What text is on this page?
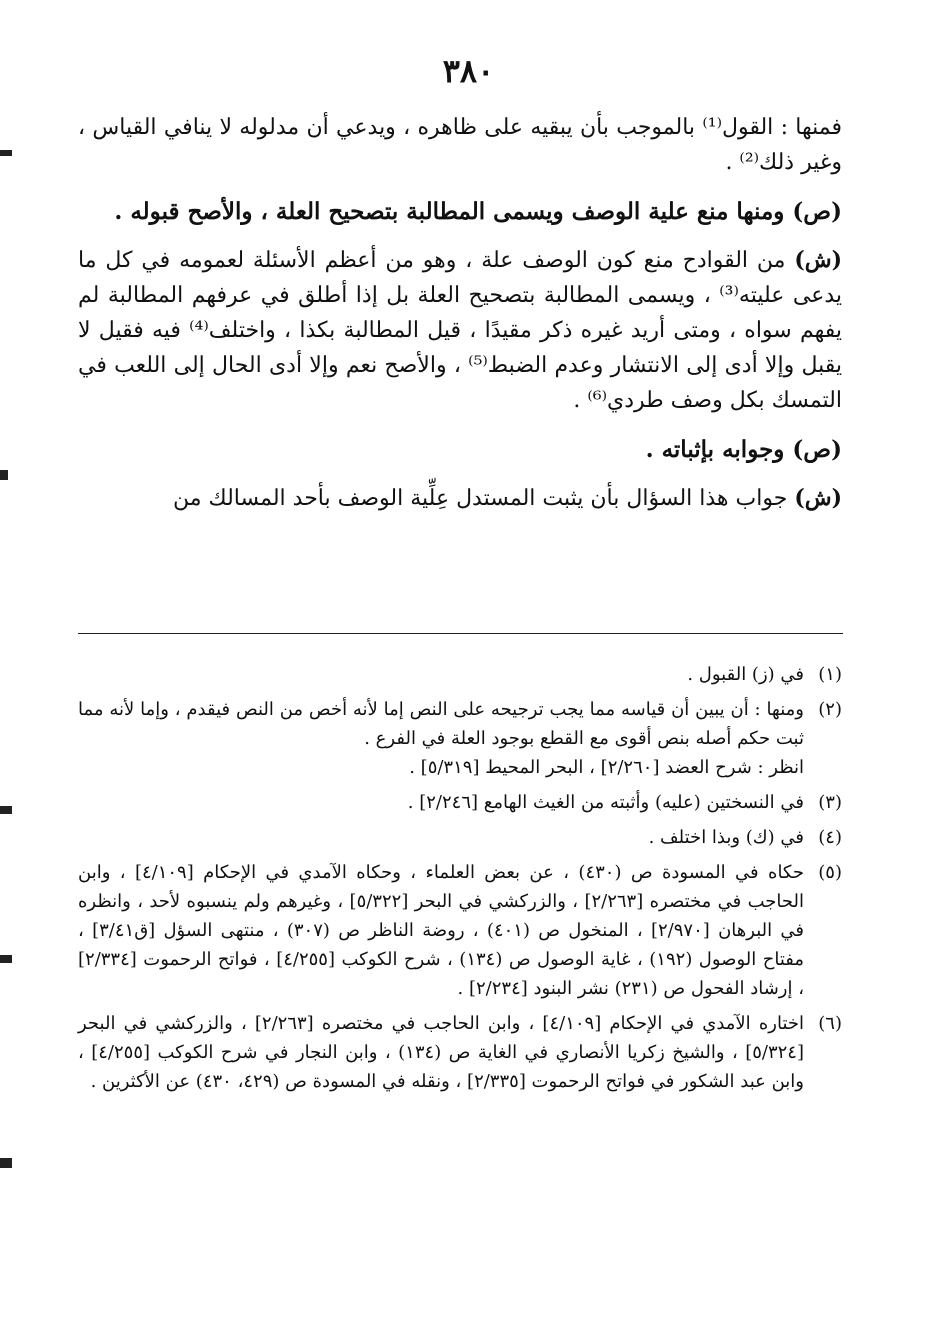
٣٨٠

فمنها : القول⁽¹⁾ بالموجب بأن يبقيه على ظاهره ، ويدعي أن مدلوله لا ينافي القياس ، وغير ذلك⁽²⁾ .

(ص) ومنها منع علية الوصف ويسمى المطالبة بتصحيح العلة ، والأصح قبوله .

(ش) من القوادح منع كون الوصف علة ، وهو من أعظم الأسئلة لعمومه في كل ما يدعى عليته⁽³⁾ ، ويسمى المطالبة بتصحيح العلة بل إذا أطلق في عرفهم المطالبة لم يفهم سواه ، ومتى أريد غيره ذكر مقيدًا ، قيل المطالبة بكذا ، واختلف⁽⁴⁾ فيه فقيل لا يقبل وإلا أدى إلى الانتشار وعدم الضبط⁽⁵⁾ ، والأصح نعم وإلا أدى الحال إلى اللعب في التمسك بكل وصف طردي⁽⁶⁾ .

(ص) وجوابه بإثباته .

(ش) جواب هذا السؤال بأن يثبت المستدل عِلِّية الوصف بأحد المسالك من

(١)
في (ز) القبول .
(٢)
ومنها : أن يبين أن قياسه مما يجب ترجيحه على النص إما لأنه أخص من النص فيقدم ، وإما لأنه مما ثبت حكم أصله بنص أقوى مع القطع بوجود العلة في الفرع .
انظر : شرح العضد [٢/٢٦٠] ، البحر المحيط [٥/٣١٩] .
(٣)
في النسختين (عليه) وأثبته من الغيث الهامع [٢/٢٤٦] .
(٤)
في (ك) وبذا اختلف .
(٥)
حكاه في المسودة ص (٤٣٠) ، عن بعض العلماء ، وحكاه الآمدي في الإحكام [٤/١٠٩] ، وابن الحاجب في مختصره [٢/٢٦٣] ، والزركشي في البحر [٥/٣٢٢] ، وغيرهم ولم ينسبوه لأحد ، وانظره في البرهان [٢/٩٧٠] ، المنخول ص (٤٠١) ، روضة الناظر ص (٣٠٧) ، منتهى السؤل [ق٣/٤١] ، مفتاح الوصول (١٩٢) ، غاية الوصول ص (١٣٤) ، شرح الكوكب [٤/٢٥٥] ، فواتح الرحموت [٢/٣٣٤] ، إرشاد الفحول ص (٢٣١) نشر البنود [٢/٢٣٤] .
(٦)
اختاره الآمدي في الإحكام [٤/١٠٩] ، وابن الحاجب في مختصره [٢/٢٦٣] ، والزركشي في البحر [٥/٣٢٤] ، والشيخ زكريا الأنصاري في الغاية ص (١٣٤) ، وابن النجار في شرح الكوكب [٤/٢٥٥] ، وابن عبد الشكور في فواتح الرحموت [٢/٣٣٥] ، ونقله في المسودة ص (٤٢٩، ٤٣٠) عن الأكثرين .
